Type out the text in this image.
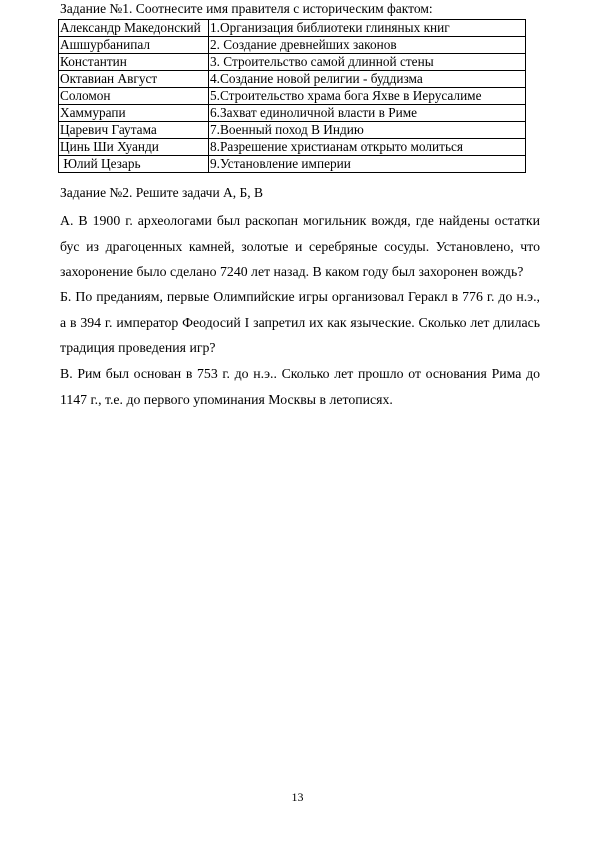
Задание №1. Соотнесите имя правителя с историческим фактом:
Александр Македонский	1.Организация библиотеки глиняных книг
Ашшурбанипал	2. Создание древнейших законов
Константин	3. Строительство самой длинной стены
Октавиан Август	4.Создание новой религии - буддизма
Соломон	5.Строительство храма бога Яхве в Иерусалиме
Хаммурапи	6.Захват единоличной власти в Риме
Царевич Гаутама	7.Военный поход В Индию
Цинь Ши Хуанди	8.Разрешение христианам открыто молиться
Юлий Цезарь	9.Установление империи
Задание №2. Решите задачи А, Б, В

А. В 1900 г. археологами был раскопан могильник вождя, где найдены остатки бус из драгоценных камней, золотые и серебряные сосуды. Установлено, что захоронение было сделано 7240 лет назад. В каком году был захоронен вождь?

Б. По преданиям, первые Олимпийские игры организовал Геракл в 776 г. до н.э., а в 394 г. император Феодосий I запретил их как языческие. Сколько лет длилась традиция проведения игр?

В. Рим был основан в 753 г. до н.э.. Сколько лет прошло от основания Рима до 1147 г., т.е. до первого упоминания Москвы в летописях.

13
